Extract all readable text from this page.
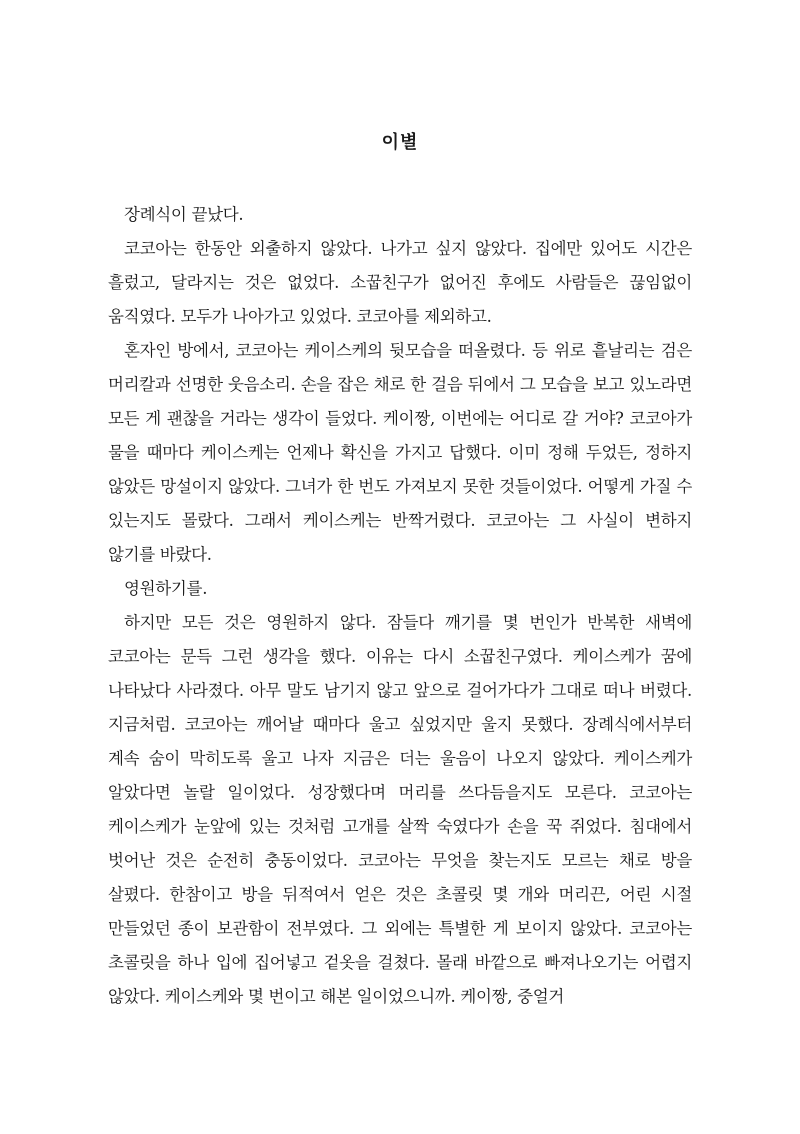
이별

장례식이 끝났다.

코코아는 한동안 외출하지 않았다. 나가고 싶지 않았다. 집에만 있어도 시간은 흘렀고, 달라지는 것은 없었다. 소꿉친구가 없어진 후에도 사람들은 끊임없이 움직였다. 모두가 나아가고 있었다. 코코아를 제외하고.

혼자인 방에서, 코코아는 케이스케의 뒷모습을 떠올렸다. 등 위로 흩날리는 검은 머리칼과 선명한 웃음소리. 손을 잡은 채로 한 걸음 뒤에서 그 모습을 보고 있노라면 모든 게 괜찮을 거라는 생각이 들었다. 케이짱, 이번에는 어디로 갈 거야? 코코아가 물을 때마다 케이스케는 언제나 확신을 가지고 답했다. 이미 정해 두었든, 정하지 않았든 망설이지 않았다. 그녀가 한 번도 가져보지 못한 것들이었다. 어떻게 가질 수 있는지도 몰랐다. 그래서 케이스케는 반짝거렸다. 코코아는 그 사실이 변하지 않기를 바랐다.

영원하기를.

하지만 모든 것은 영원하지 않다. 잠들다 깨기를 몇 번인가 반복한 새벽에 코코아는 문득 그런 생각을 했다. 이유는 다시 소꿉친구였다. 케이스케가 꿈에 나타났다 사라졌다. 아무 말도 남기지 않고 앞으로 걸어가다가 그대로 떠나 버렸다. 지금처럼. 코코아는 깨어날 때마다 울고 싶었지만 울지 못했다. 장례식에서부터 계속 숨이 막히도록 울고 나자 지금은 더는 울음이 나오지 않았다. 케이스케가 알았다면 놀랄 일이었다. 성장했다며 머리를 쓰다듬을지도 모른다. 코코아는 케이스케가 눈앞에 있는 것처럼 고개를 살짝 숙였다가 손을 꾹 쥐었다. 침대에서 벗어난 것은 순전히 충동이었다. 코코아는 무엇을 찾는지도 모르는 채로 방을 살폈다. 한참이고 방을 뒤적여서 얻은 것은 초콜릿 몇 개와 머리끈, 어린 시절 만들었던 종이 보관함이 전부였다. 그 외에는 특별한 게 보이지 않았다. 코코아는 초콜릿을 하나 입에 집어넣고 겉옷을 걸쳤다. 몰래 바깥으로 빠져나오기는 어렵지 않았다. 케이스케와 몇 번이고 해본 일이었으니까. 케이짱, 중얼거
